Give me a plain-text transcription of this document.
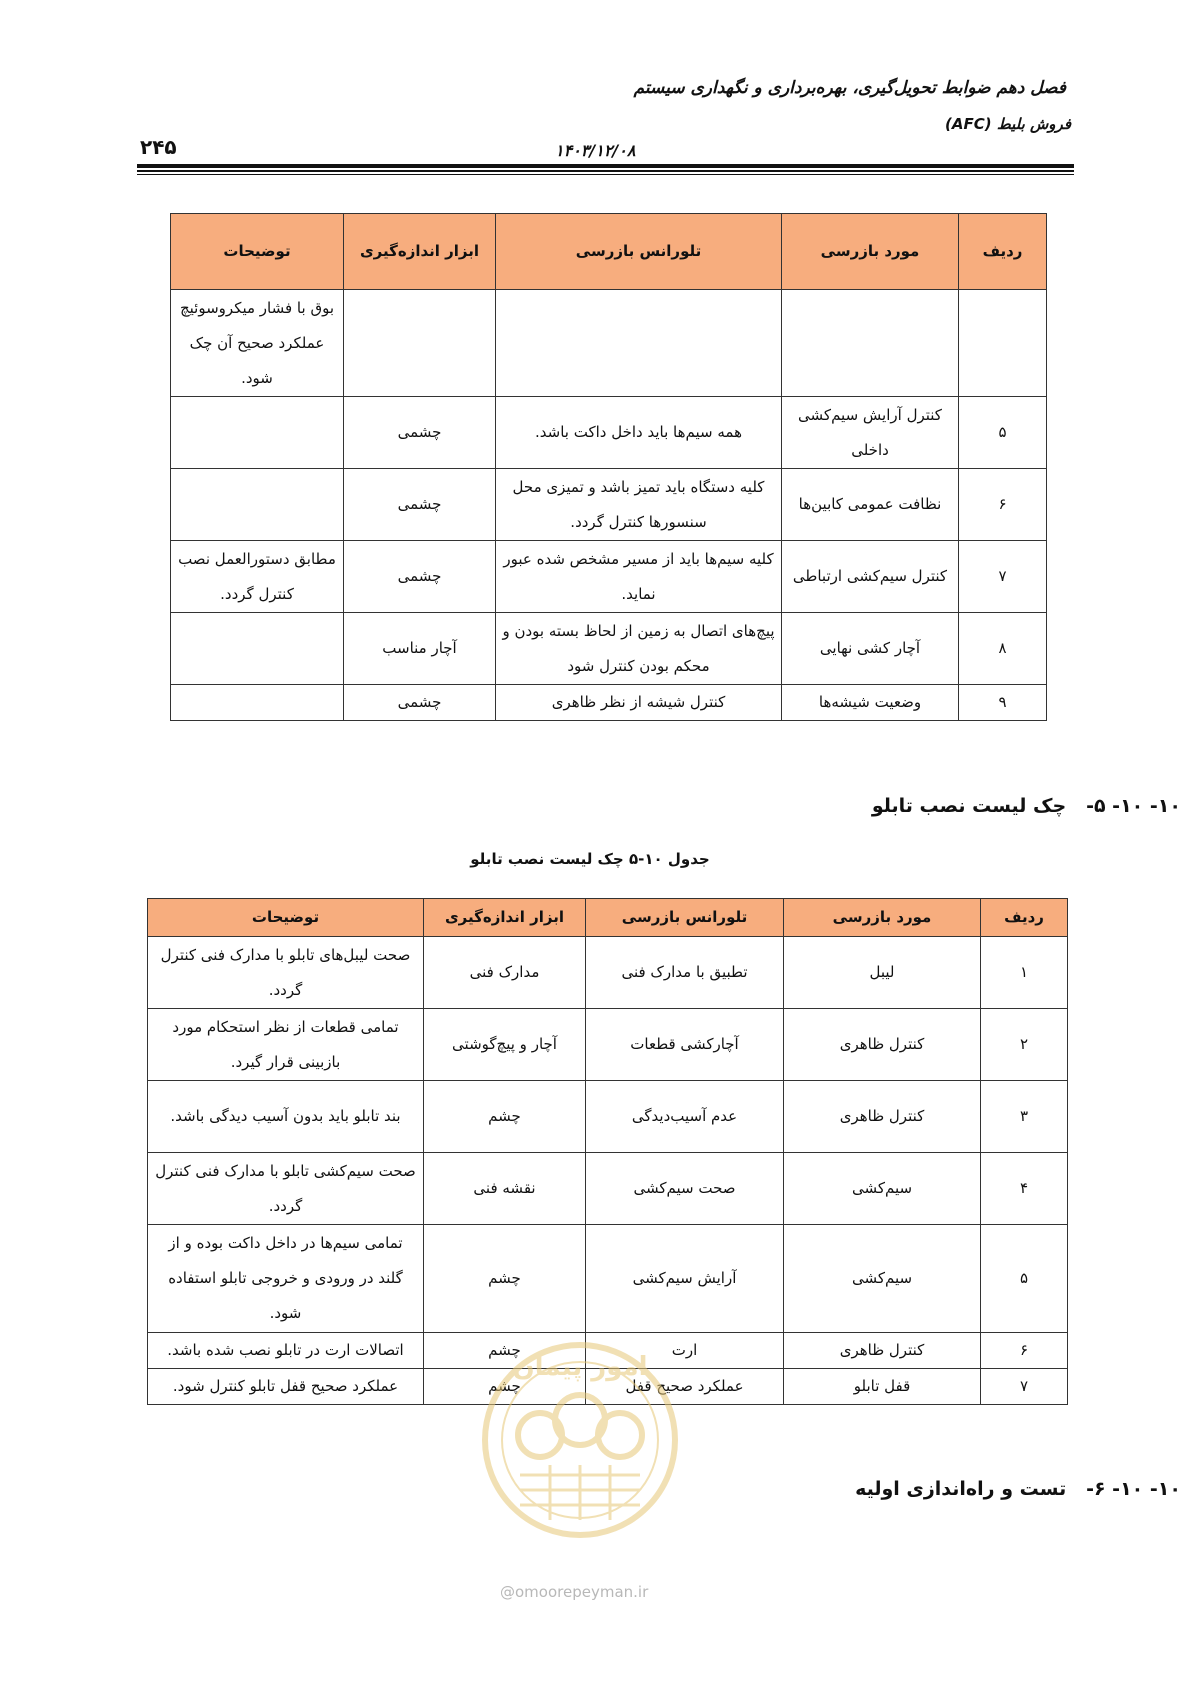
فصل دهم ضوابط تحویل‌گیری، بهره‌برداری و نگهداری سیستم
فروش بلیط (AFC)
۲۴۵	۱۴۰۳/۱۲/۰۸
ردیف	مورد بازرسی	تلورانس بازرسی	ابزار اندازه‌گیری	توضیحات
				بوق با فشار میکروسوئیچ عملکرد صحیح آن چک شود.
۵	کنترل آرایش سیم‌کشی داخلی	همه سیم‌ها باید داخل داکت باشد.	چشمی	
۶	نظافت عمومی کابین‌ها	کلیه دستگاه باید تمیز باشد و تمیزی محل سنسورها کنترل گردد.	چشمی	
۷	کنترل سیم‌کشی ارتباطی	کلیه سیم‌ها باید از مسیر مشخص شده عبور نماید.	چشمی	مطابق دستورالعمل نصب کنترل گردد.
۸	آچار کشی نهایی	پیچ‌های اتصال به زمین از لحاظ بسته بودن و محکم بودن کنترل شود	آچار مناسب	
۹	وضعیت شیشه‌ها	کنترل شیشه از نظر ظاهری	چشمی	
۱۰- ۱۰- ۵-   چک لیست نصب تابلو
جدول ۱۰-۵ چک لیست نصب تابلو
ردیف	مورد بازرسی	تلورانس بازرسی	ابزار اندازه‌گیری	توضیحات
۱	لیبل	تطبیق با مدارک فنی	مدارک فنی	صحت لیبل‌های تابلو با مدارک فنی کنترل گردد.
۲	کنترل ظاهری	آچارکشی قطعات	آچار و پیچ‌گوشتی	تمامی قطعات از نظر استحکام مورد بازبینی قرار گیرد.
۳	کنترل ظاهری	عدم آسیب‌دیدگی	چشم	بند تابلو باید بدون آسیب دیدگی باشد.
۴	سیم‌کشی	صحت سیم‌کشی	نقشه فنی	صحت سیم‌کشی تابلو با مدارک فنی کنترل گردد.
۵	سیم‌کشی	آرایش سیم‌کشی	چشم	تمامی سیم‌ها در داخل داکت بوده و از گلند در ورودی و خروجی تابلو استفاده شود.
۶	کنترل ظاهری	ارت	چشم	اتصالات ارت در تابلو نصب شده باشد.
۷	قفل تابلو	عملکرد صحیح قفل	چشم	عملکرد صحیح قفل تابلو کنترل شود.
۱۰- ۱۰- ۶-   تست و راه‌اندازی اولیه
امور پیمان
@omoorepeyman.ir
